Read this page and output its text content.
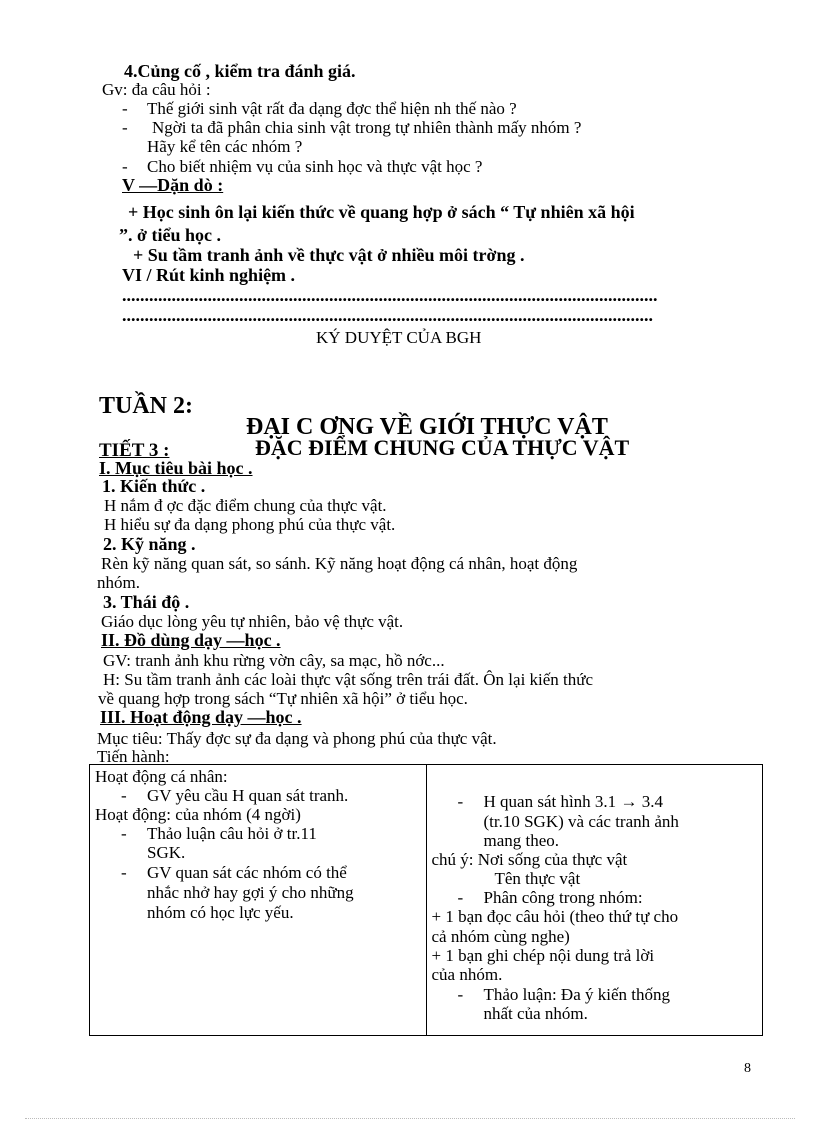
4.Củng cố , kiểm tra đánh giá.
Gv: đa câu hỏi :
- Thế giới sinh vật rất đa dạng đợc thể hiện nh thế nào ?
- Ngời ta đã phân chia sinh vật trong tự nhiên thành mấy nhóm ?
Hãy kể tên các nhóm ?
- Cho biết nhiệm vụ của sinh học và thực vật học ?
V —Dặn dò :
+ Học sinh ôn lại kiến thức về quang hợp ở sách “ Tự nhiên xã hội
”. ở tiểu học .
+ Su tầm tranh ảnh về thực vật ở nhiều môi trờng .
VI / Rút kinh nghiệm .
.......................................................................................................................
......................................................................................................................
KÝ DUYỆT CỦA BGH
TUẦN 2:
ĐẠI C ƠNG VỀ GIỚI THỰC VẬT
TIẾT 3 :	ĐẶC ĐIỂM CHUNG CỦA THỰC VẬT
I. Mục tiêu bài học .
1. Kiến thức .
H nắm đ ợc đặc điểm chung của thực vật.
H hiểu sự đa dạng phong phú của thực vật.
2. Kỹ năng .
Rèn kỹ năng quan sát, so sánh. Kỹ năng hoạt động cá nhân, hoạt động
nhóm.
3. Thái độ .
Giáo dục lòng yêu tự nhiên, bảo vệ thực vật.
II. Đồ dùng dạy —học .
GV: tranh ảnh khu rừng vờn cây, sa mạc, hồ nớc...
H: Su tầm tranh ảnh các loài thực vật sống trên trái đất. Ôn lại kiến thức
về quang hợp trong sách “Tự nhiên xã hội” ở tiểu học.
III. Hoạt động dạy —học .
Mục tiêu: Thấy đợc sự đa dạng và phong phú của thực vật.
Tiến hành:
Hoạt động cá nhân:
- GV yêu cầu H quan sát tranh.
Hoạt động: của nhóm (4 ngời)
- Thảo luận câu hỏi ở tr.11
SGK.
- GV quan sát các nhóm có thể
nhắc nhở hay gợi ý cho những
nhóm có học lực yếu.

- H quan sát hình 3.1 → 3.4
(tr.10 SGK) và các tranh ảnh
mang theo.
chú ý: Nơi sống của thực vật
Tên thực vật
- Phân công trong nhóm:
+ 1 bạn đọc câu hỏi (theo thứ tự cho
cả nhóm cùng nghe)
+ 1 bạn ghi chép nội dung trả lời
của nhóm.
- Thảo luận: Đa ý kiến thống
nhất của nhóm.
8
